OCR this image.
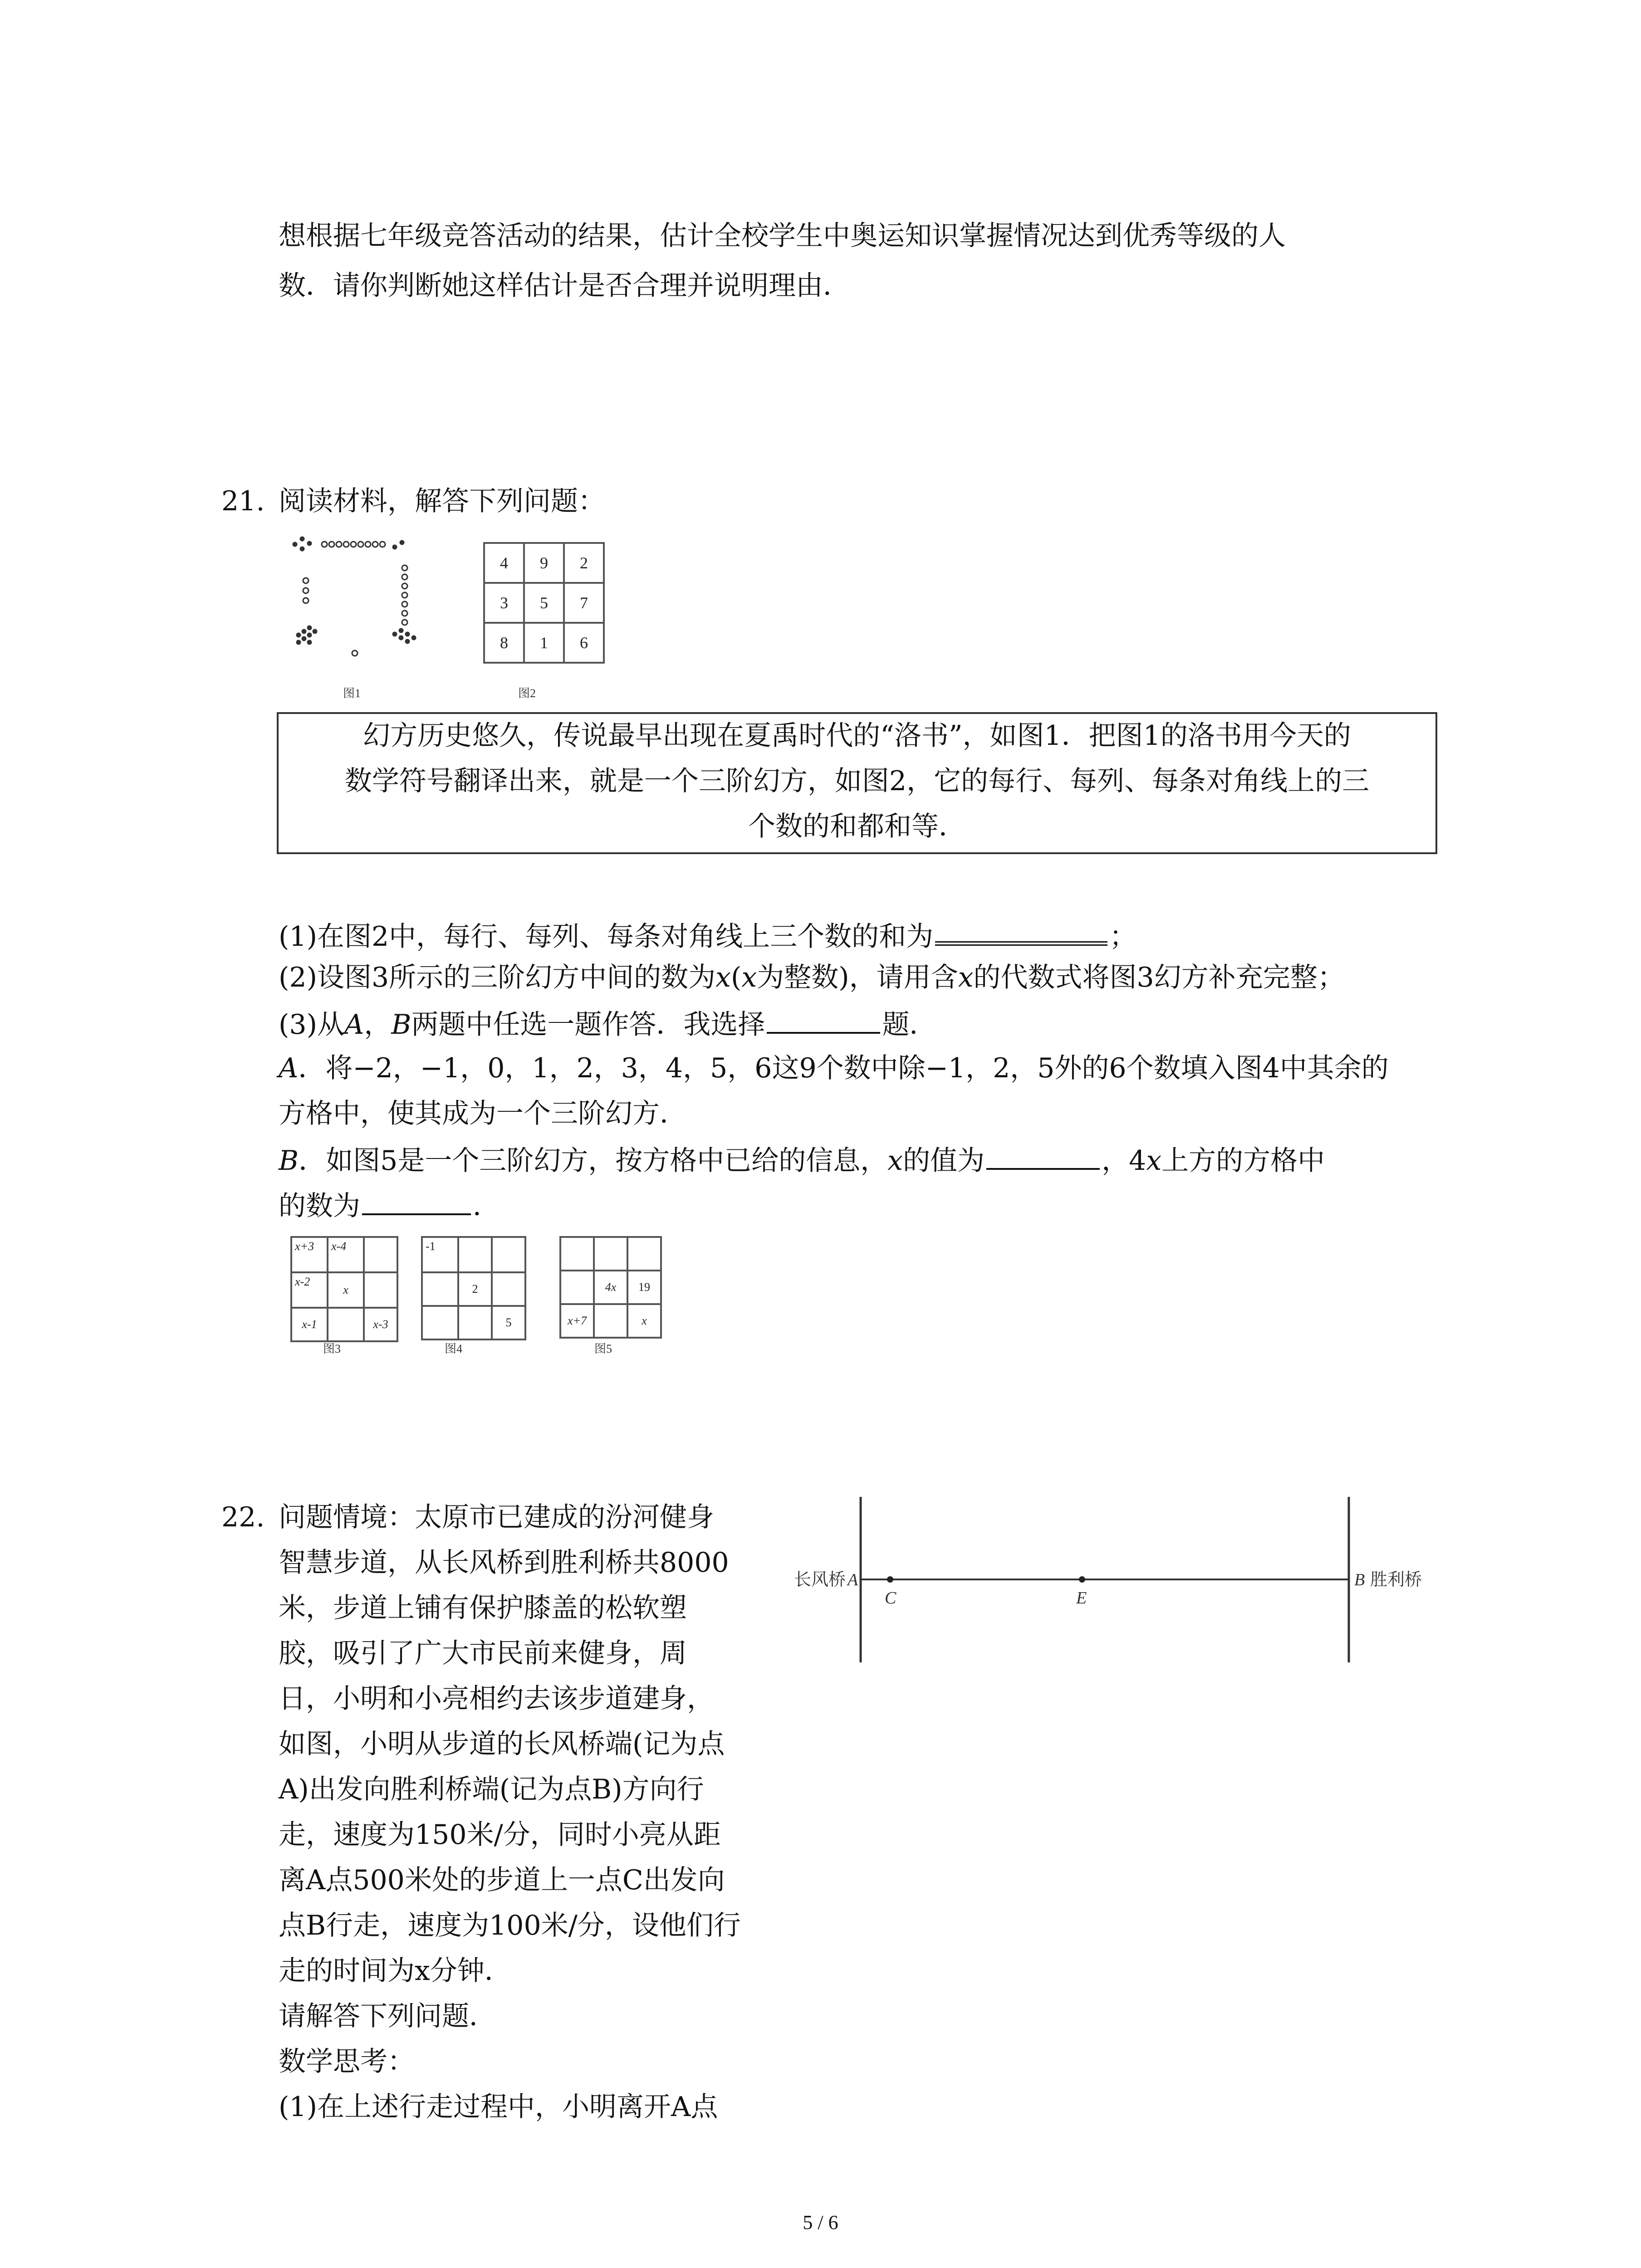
想根据七年级竞答活动的结果，估计全校学生中奥运知识掌握情况达到优秀等级的人
数．请你判断她这样估计是否合理并说明理由．
21. 阅读材料，解答下列问题：
图1
4	9	2
3	5	7
8	1	6
图2
幻方历史悠久，传说最早出现在夏禹时代的“洛书”，如图1．把图1的洛书用今天的
数学符号翻译出来，就是一个三阶幻方，如图2，它的每行、每列、每条对角线上的三
个数的和都和等．
(1)在图2中，每行、每列、每条对角线上三个数的和为	；
(2)设图3所示的三阶幻方中间的数为x(x为整数)，请用含x的代数式将图3幻方补充完整；
(3)从A，B两题中任选一题作答．我选择	题．
A．将−2，−1，0，1，2，3，4，5，6这9个数中除−1，2，5外的6个数填入图4中其余的
方格中，使其成为一个三阶幻方．
B．如图5是一个三阶幻方，按方格中已给的信息，x的值为	，4x上方的方格中
的数为	．
x+3	x-4	
x-2	x	
x-1		x-3
图3
-1		
	2	
		5
图4

	4x	19
x+7		x
图5
22. 问题情境：太原市已建成的汾河健身
智慧步道，从长风桥到胜利桥共8000
米，步道上铺有保护膝盖的松软塑
胶，吸引了广大市民前来健身，周
日，小明和小亮相约去该步道建身，
如图，小明从步道的长风桥端(记为点
A)出发向胜利桥端(记为点B)方向行
走，速度为150米/分，同时小亮从距
离A点500米处的步道上一点C出发向
点B行走，速度为100米/分，设他们行
走的时间为x分钟．
请解答下列问题．
数学思考：
(1)在上述行走过程中，小明离开A点
长风桥 A
C	E
B 胜利桥
5 / 6
